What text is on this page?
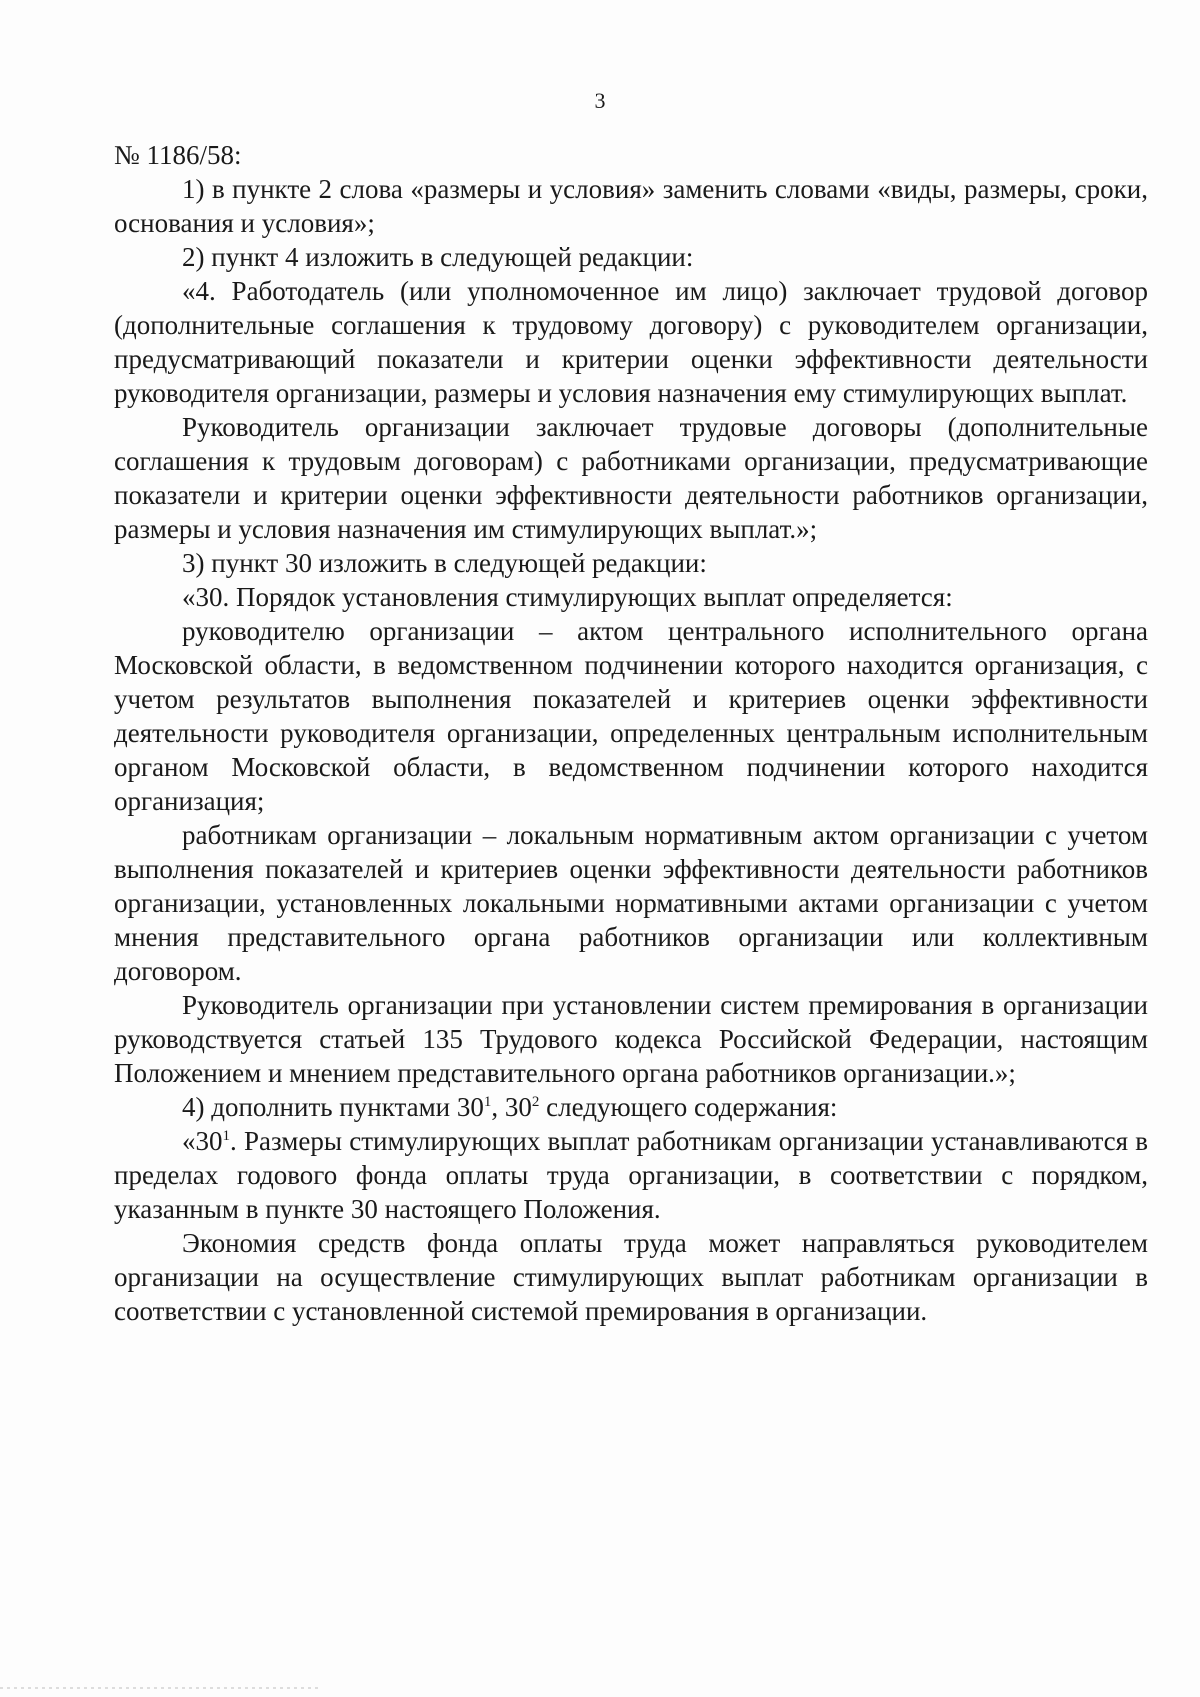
3

№ 1186/58:

1) в пункте 2 слова «размеры и условия» заменить словами «виды, размеры, сроки, основания и условия»;

2) пункт 4 изложить в следующей редакции:

«4. Работодатель (или уполномоченное им лицо) заключает трудовой договор (дополнительные соглашения к трудовому договору) с руководителем организации, предусматривающий показатели и критерии оценки эффективности деятельности руководителя организации, размеры и условия назначения ему стимулирующих выплат.

Руководитель организации заключает трудовые договоры (дополнительные соглашения к трудовым договорам) с работниками организации, предусматривающие показатели и критерии оценки эффективности деятельности работников организации, размеры и условия назначения им стимулирующих выплат.»;

3) пункт 30 изложить в следующей редакции:

«30. Порядок установления стимулирующих выплат определяется:

руководителю организации – актом центрального исполнительного органа Московской области, в ведомственном подчинении которого находится организация, с учетом результатов выполнения показателей и критериев оценки эффективности деятельности руководителя организации, определенных центральным исполнительным органом Московской области, в ведомственном подчинении которого находится организация;

работникам организации – локальным нормативным актом организации с учетом выполнения показателей и критериев оценки эффективности деятельности работников организации, установленных локальными нормативными актами организации с учетом мнения представительного органа работников организации или коллективным договором.

Руководитель организации при установлении систем премирования в организации руководствуется статьей 135 Трудового кодекса Российской Федерации, настоящим Положением и мнением представительного органа работников организации.»;

4) дополнить пунктами $30^1$, $30^2$ следующего содержания:

«$30^1$. Размеры стимулирующих выплат работникам организации устанавливаются в пределах годового фонда оплаты труда организации, в соответствии с порядком, указанным в пункте 30 настоящего Положения.

Экономия средств фонда оплаты труда может направляться руководителем организации на осуществление стимулирующих выплат работникам организации в соответствии с установленной системой премирования в организации.
